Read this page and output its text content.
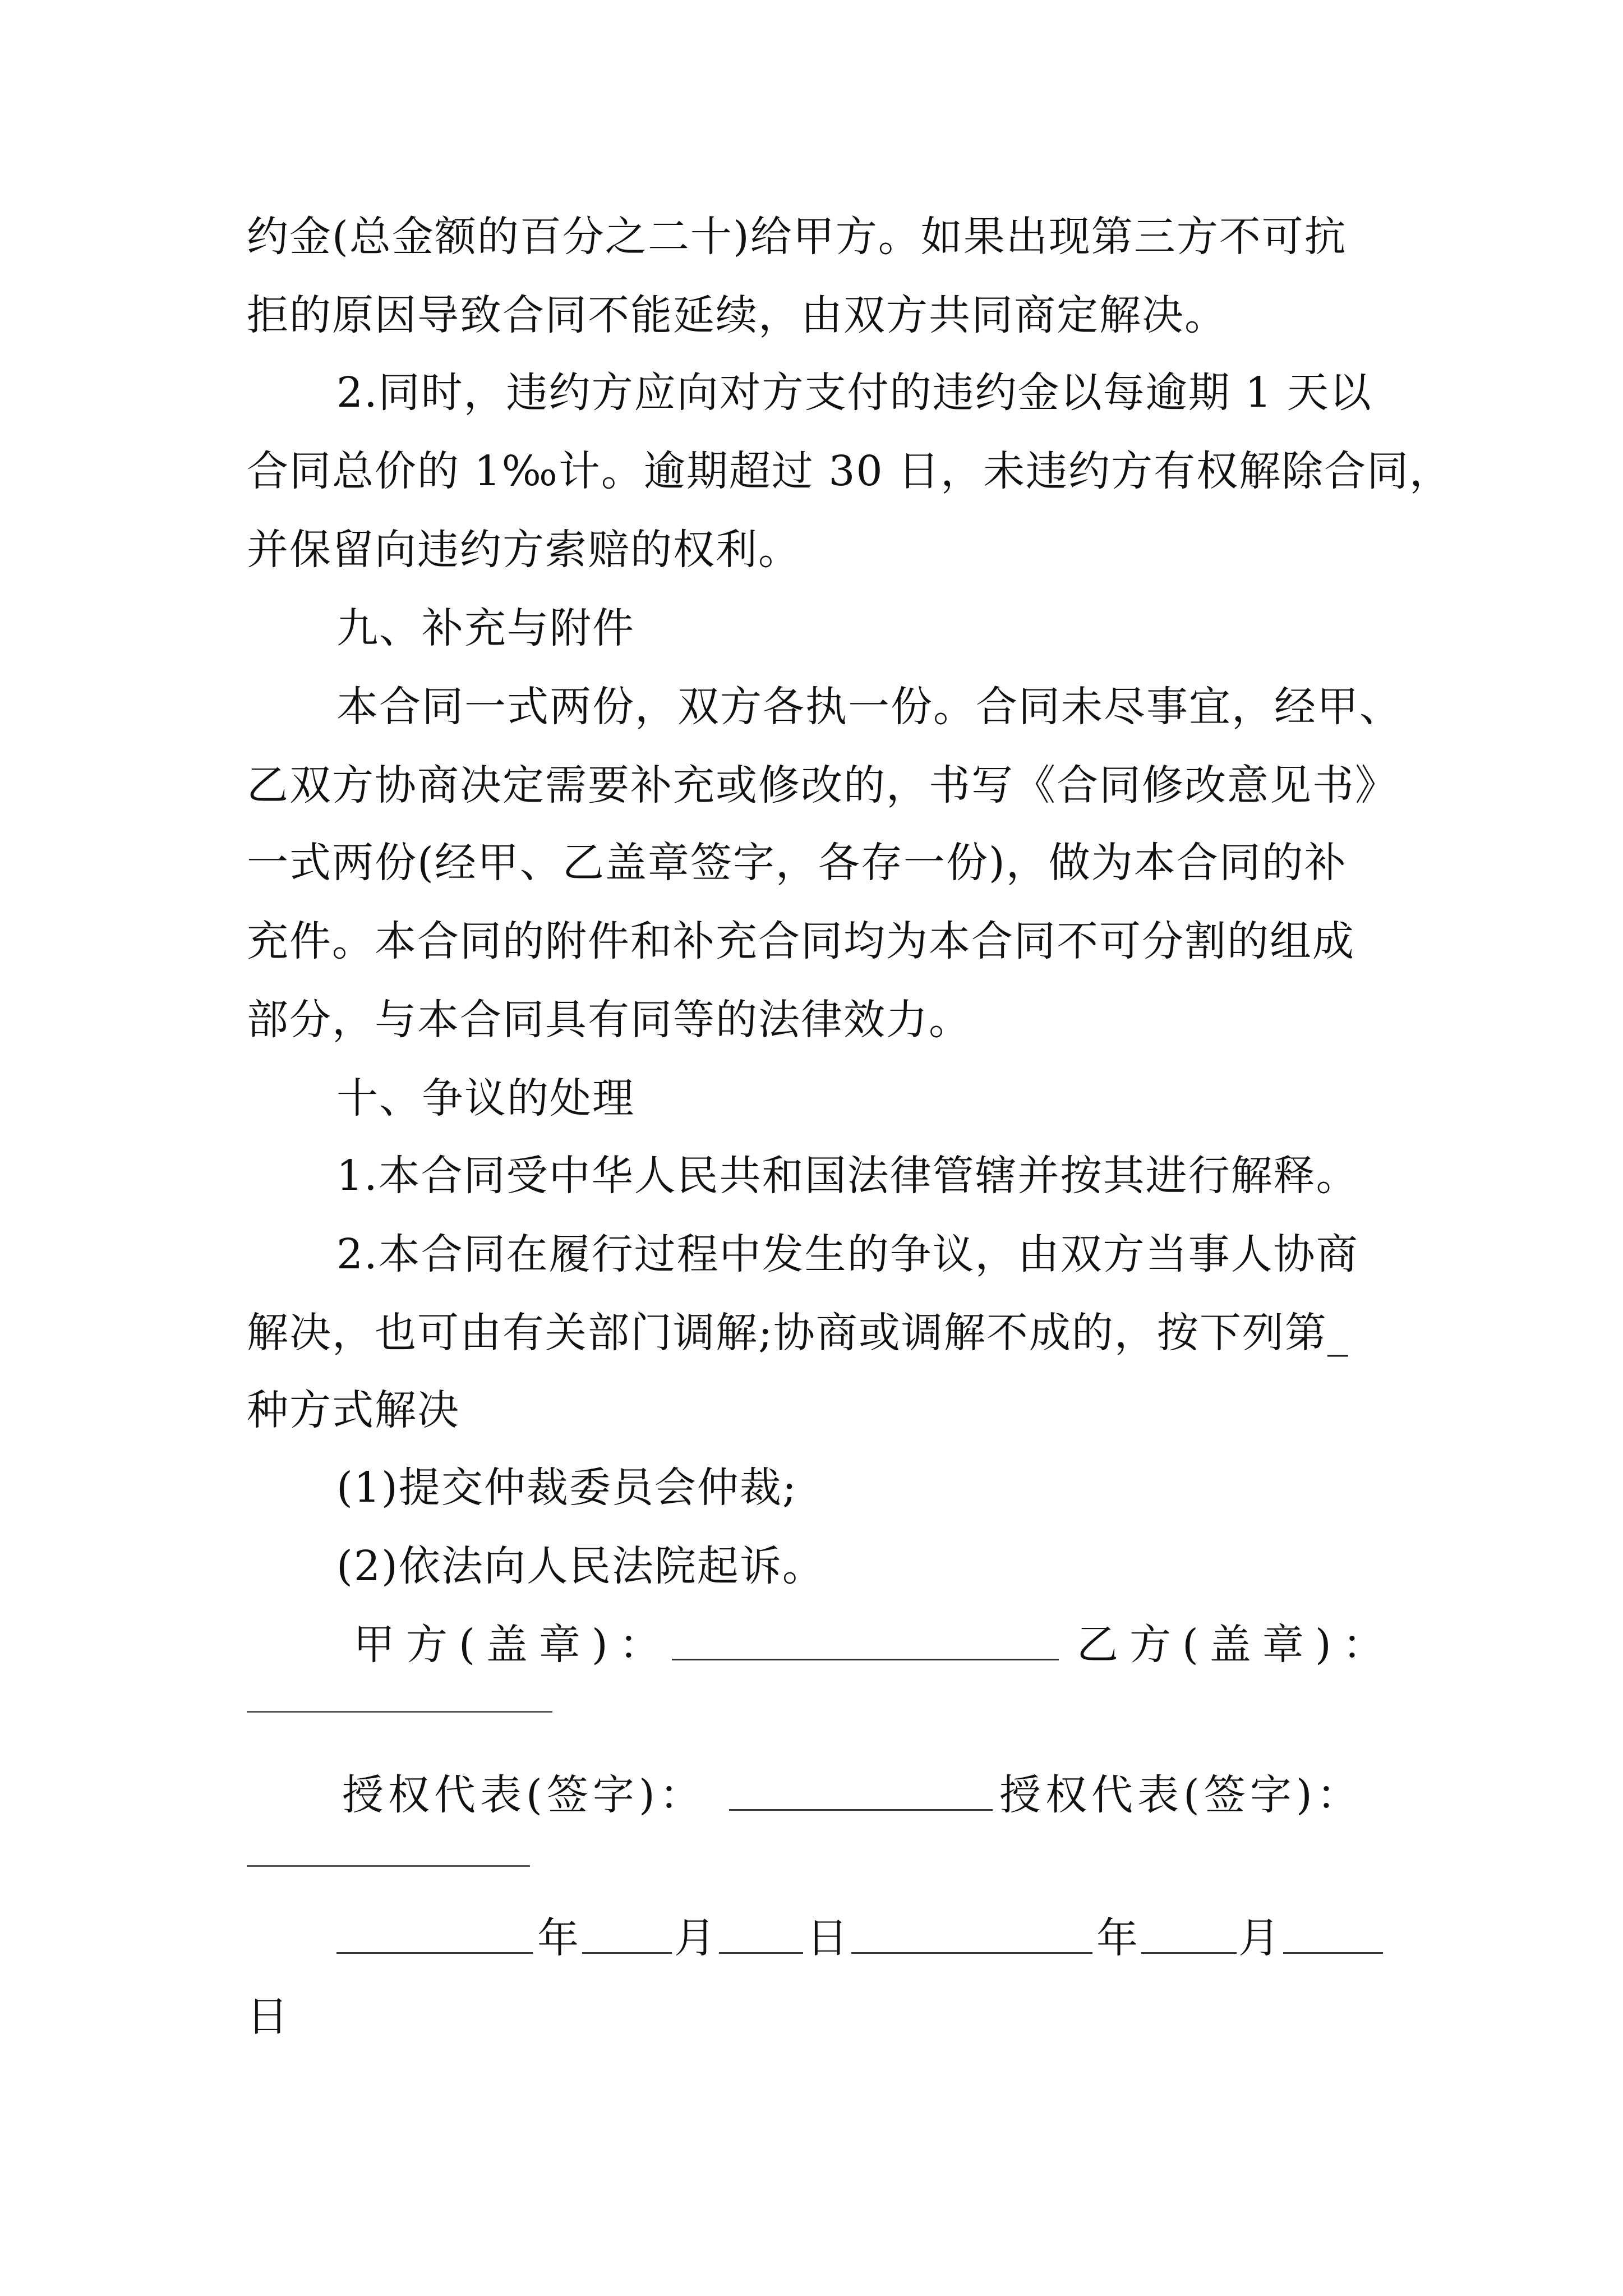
约金(总金额的百分之二十)给甲方。如果出现第三方不可抗
拒的原因导致合同不能延续，由双方共同商定解决。
2.同时，违约方应向对方支付的违约金以每逾期 1 天以
合同总价的 1‰计。逾期超过 30 日，未违约方有权解除合同，
并保留向违约方索赔的权利。
九、补充与附件
本合同一式两份，双方各执一份。合同未尽事宜，经甲、
乙双方协商决定需要补充或修改的，书写《合同修改意见书》
一式两份(经甲、乙盖章签字，各存一份)，做为本合同的补
充件。本合同的附件和补充合同均为本合同不可分割的组成
部分，与本合同具有同等的法律效力。
十、争议的处理
1.本合同受中华人民共和国法律管辖并按其进行解释。
2.本合同在履行过程中发生的争议，由双方当事人协商
解决，也可由有关部门调解;协商或调解不成的，按下列第_
种方式解决
(1)提交仲裁委员会仲裁;
(2)依法向人民法院起诉。
甲方(盖章)：	乙方(盖章)：
授权代表(签字)：	授权代表(签字)：
年 月 日	年 月
日
